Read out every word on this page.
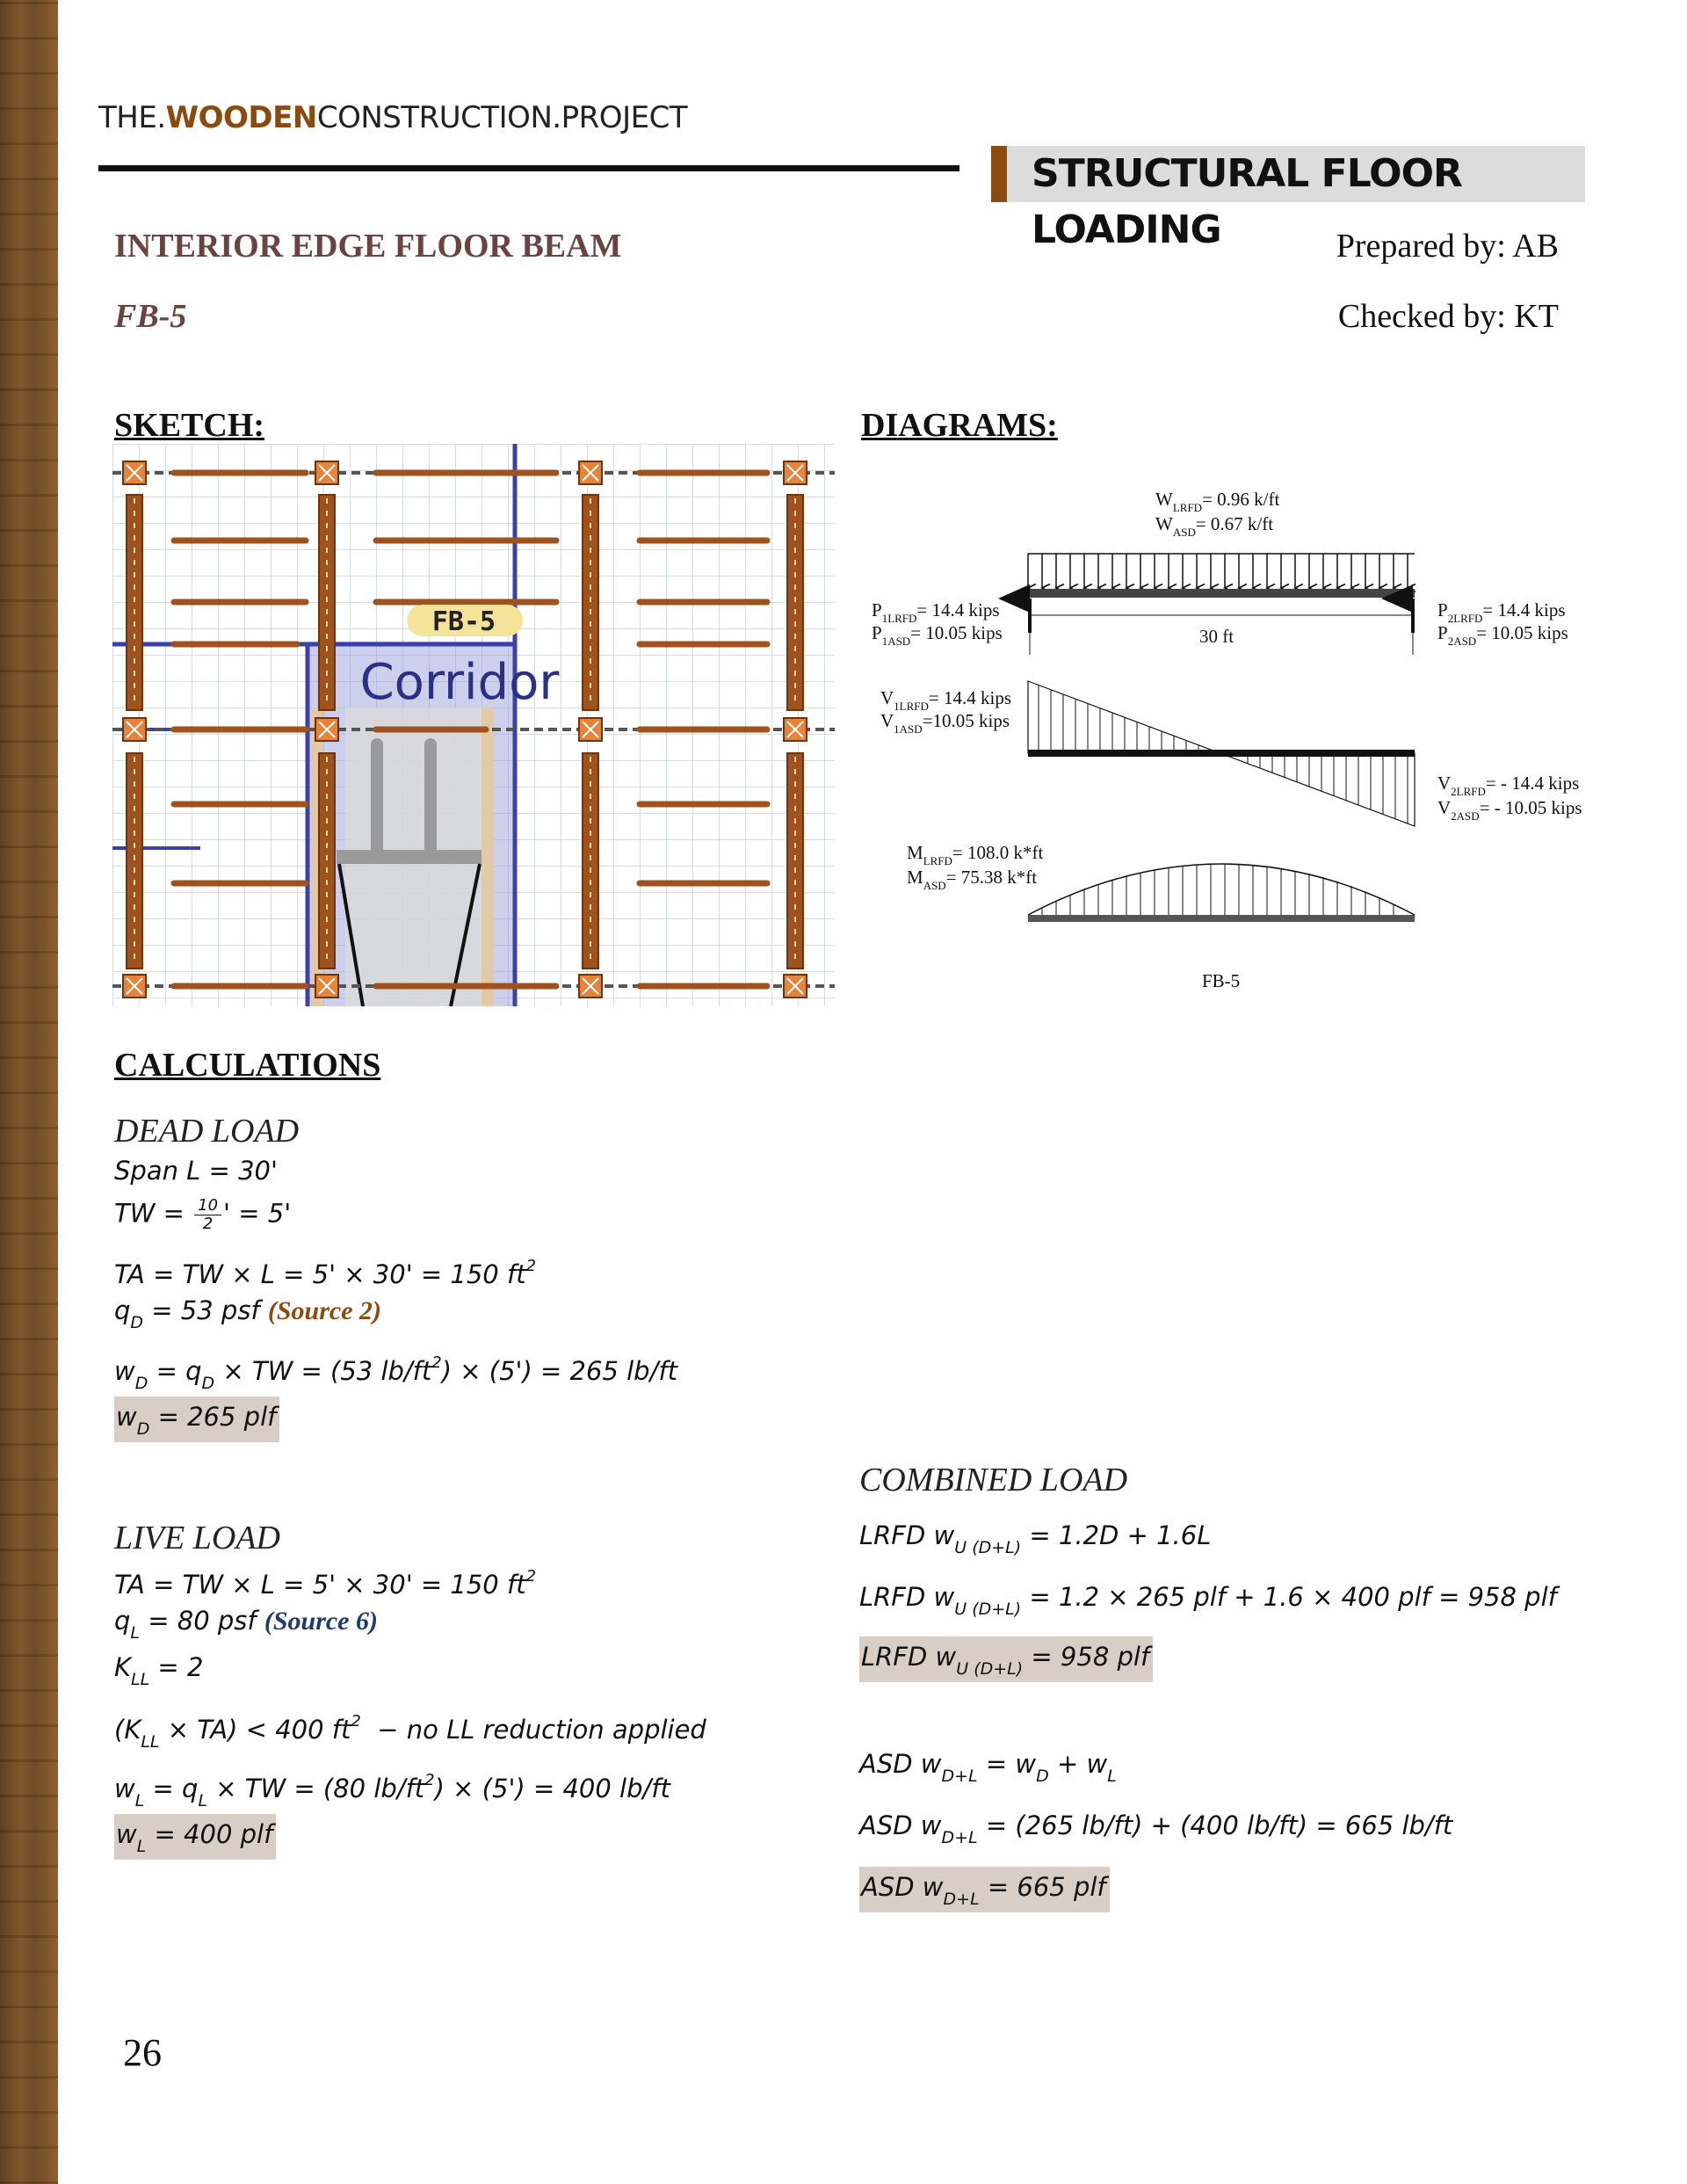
THE.WOODENCONSTRUCTION.PROJECT
STRUCTURAL FLOOR LOADING
INTERIOR EDGE FLOOR BEAM
FB-5
Prepared by: AB
Checked by: KT
SKETCH:	DIAGRAMS:
FB-5
Corridor
$W_{LRFD}= 0.96$ k/ft
$W_{ASD}= 0.67$ k/ft
30 ft
$P_{1LRFD}= 14.4$ kips
$P_{1ASD}= 10.05$ kips
$P_{2LRFD}= 14.4$ kips
$P_{2ASD}= 10.05$ kips
$V_{1LRFD}= 14.4$ kips
$V_{1ASD}=10.05$ kips
$V_{2LRFD}= - 14.4$ kips
$V_{2ASD}= - 10.05$ kips
$M_{LRFD}= 108.0$ k*ft
$M_{ASD}= 75.38$ k*ft
FB-5
CALCULATIONS
DEAD LOAD
Span L = 30'
TW = $\frac{10}{2}$ ' = 5'
TA = TW × L = 5' × 30' = 150 $ft^2$
$q_D = 53$ psf (Source 2)
$w_D = q_D$ × TW = (53 $lb/ft^2) \times (5') = 265$ lb/ft
$w_D = 265$ plf
LIVE LOAD
TA = TW × L = 5' × 30' = 150 $ft^2$
$q_L = 80$ psf (Source 6)
$K_{LL} = 2$
$(K_{LL} \times TA) < 400$ $ft^2$ − no LL reduction applied
$w_L = q_L$ × TW = (80 $lb/ft^2) \times (5') = 400$ lb/ft
$w_L = 400$ plf
COMBINED LOAD
LRFD $w_{U (D+L)} = 1.2D + 1.6L$
LRFD $w_{U (D+L)} = 1.2 \times 265$ plf + 1.6 × 400 plf = 958 plf
LRFD $w_{U (D+L)} = 958$ plf
ASD $w_{D+L} = w_D + w_L$
ASD $w_{D+L} = (265$ lb/ft) + (400 lb/ft) = 665 lb/ft
ASD $w_{D+L} = 665$ plf
26
